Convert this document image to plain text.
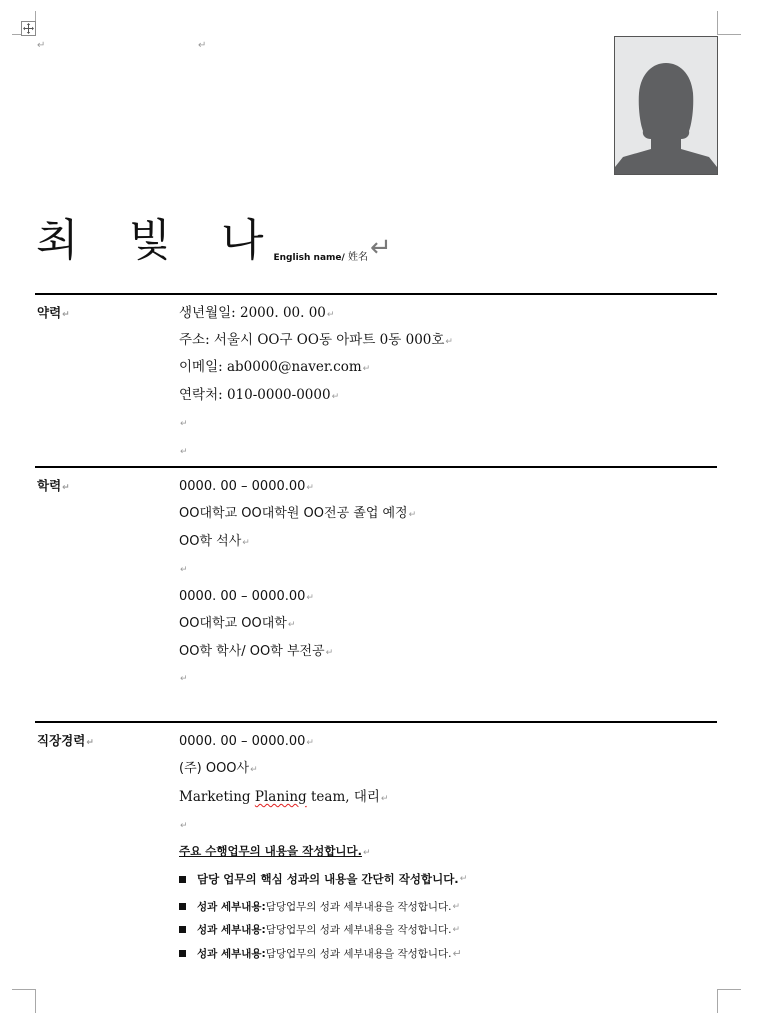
↵	↵
최 빛 나
English name/ 姓名 ↵
약력↵	생년월일: 2000. 00. 00↵
주소: 서울시 OO구 OO동 아파트 0동 000호↵
이메일: ab0000@naver.com↵
연락처: 010-0000-0000↵
↵
↵
학력↵	0000. 00 – 0000.00↵
OO대학교 OO대학원 OO전공 졸업 예정↵
OO학 석사↵
↵
0000. 00 – 0000.00↵
OO대학교 OO대학↵
OO학 학사/ OO학 부전공↵
↵
직장경력↵	0000. 00 – 0000.00↵
(주) OOO사↵
Marketing Planing team, 대리↵
↵
주요 수행업무의 내용을 작성합니다.↵
담당 업무의 핵심 성과의 내용을 간단히 작성합니다. ↵
성과 세부내용: 담당업무의 성과 세부내용을 작성합니다. ↵
성과 세부내용: 담당업무의 성과 세부내용을 작성합니다. ↵
성과 세부내용: 담당업무의 성과 세부내용을 작성합니다. ↵
